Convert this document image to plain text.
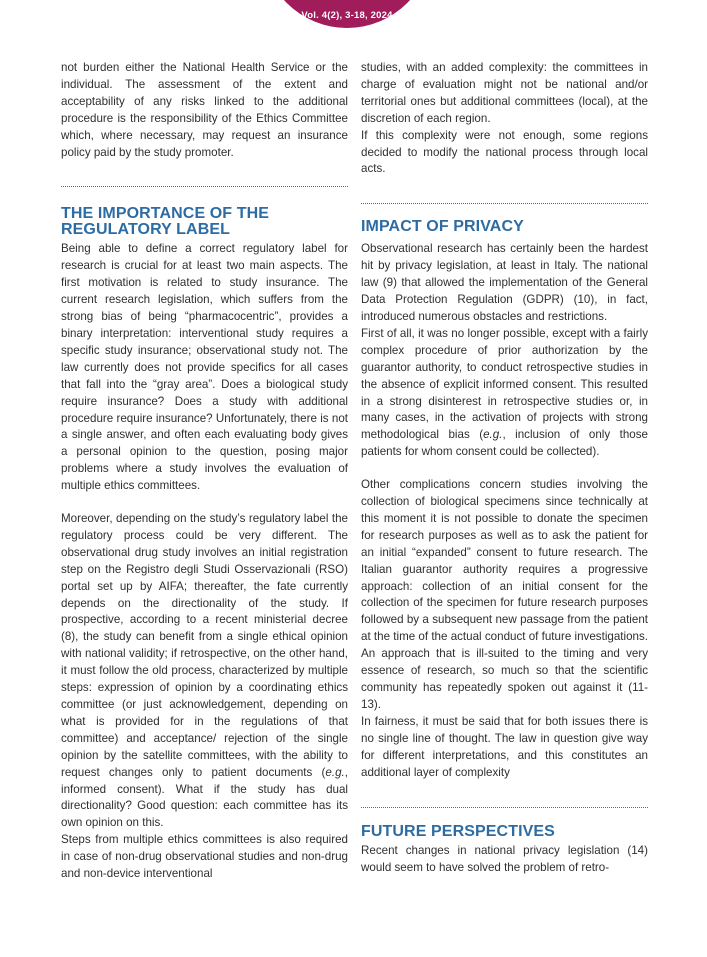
Vol. 4(2), 3-18, 2024

not burden either the National Health Service or the individual. The assessment of the extent and acceptability of any risks linked to the additional procedure is the responsibility of the Ethics Committee which, where necessary, may request an insurance policy paid by the study promoter.

THE IMPORTANCE OF THE REGULATORY LABEL

Being able to define a correct regulatory label for research is crucial for at least two main aspects. The first motivation is related to study insurance. The current research legislation, which suffers from the strong bias of being “pharmacocentric”, provides a binary interpretation: interventional study requires a specific study insurance; observational study not. The law currently does not provide specifics for all cases that fall into the “gray area”. Does a biological study require insurance? Does a study with additional procedure require insurance? Unfortunately, there is not a single answer, and often each evaluating body gives a personal opinion to the question, posing major problems where a study involves the evaluation of multiple ethics committees.

Moreover, depending on the study’s regulatory label the regulatory process could be very different. The observational drug study involves an initial registration step on the Registro degli Studi Osservazionali (RSO) portal set up by AIFA; thereafter, the fate currently depends on the directionality of the study. If prospective, according to a recent ministerial decree (8), the study can benefit from a single ethical opinion with national validity; if retrospective, on the other hand, it must follow the old process, characterized by multiple steps: expression of opinion by a coordinating ethics committee (or just acknowledgement, depending on what is provided for in the regulations of that committee) and acceptance/ rejection of the single opinion by the satellite committees, with the ability to request changes only to patient documents (e.g., informed consent). What if the study has dual directionality? Good question: each committee has its own opinion on this.

Steps from multiple ethics committees is also required in case of non-drug observational studies and non-drug and non-device interventional

studies, with an added complexity: the committees in charge of evaluation might not be national and/or territorial ones but additional committees (local), at the discretion of each region.

If this complexity were not enough, some regions decided to modify the national process through local acts.

IMPACT OF PRIVACY

Observational research has certainly been the hardest hit by privacy legislation, at least in Italy. The national law (9) that allowed the implementation of the General Data Protection Regulation (GDPR) (10), in fact, introduced numerous obstacles and restrictions.

First of all, it was no longer possible, except with a fairly complex procedure of prior authorization by the guarantor authority, to conduct retrospective studies in the absence of explicit informed consent. This resulted in a strong disinterest in retrospective studies or, in many cases, in the activation of projects with strong methodological bias (e.g., inclusion of only those patients for whom consent could be collected).

Other complications concern studies involving the collection of biological specimens since technically at this moment it is not possible to donate the specimen for research purposes as well as to ask the patient for an initial “expanded” consent to future research. The Italian guarantor authority requires a progressive approach: collection of an initial consent for the collection of the specimen for future research purposes followed by a subsequent new passage from the patient at the time of the actual conduct of future investigations. An approach that is ill-suited to the timing and very essence of research, so much so that the scientific community has repeatedly spoken out against it (11-13).

In fairness, it must be said that for both issues there is no single line of thought. The law in question give way for different interpretations, and this constitutes an additional layer of complexity

FUTURE PERSPECTIVES

Recent changes in national privacy legislation (14) would seem to have solved the problem of retro-
